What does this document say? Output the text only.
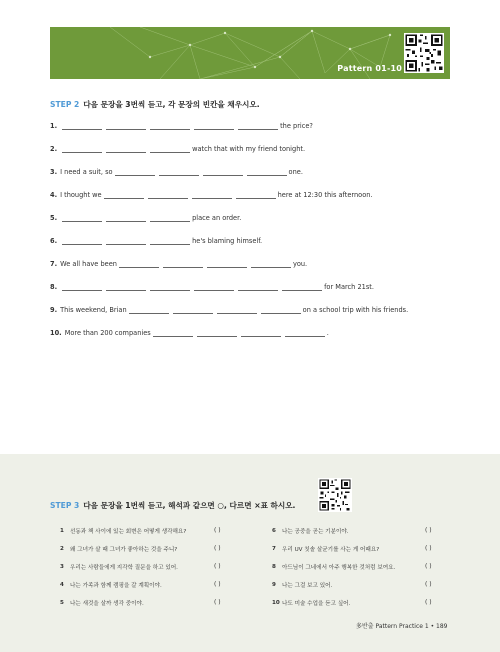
Pattern 01-10
STEP 2 다음 문장을 3번씩 듣고, 각 문장의 빈칸을 채우시오.
1.	the price?
2.	watch that with my friend tonight.
3. I need a suit, so	one.
4. I thought we	here at 12:30 this afternoon.
5.	place an order.
6.	he's blaming himself.
7. We all have been	you.
8.	for March 21st.
9. This weekend, Brian	on a school trip with his friends.
10. More than 200 companies	.
STEP 3 다음 문장을 1번씩 듣고, 해석과 같으면 ○, 다르면 ×표 하시오.
1	선동과 책 사이에 있는 회변은 어떻게 생각해요?	( )
2	왜 그녀가 살 때 그녀가 좋아하는 것을 주니?	( )
3	우리는 사람들에게 지각학 질문을 하고 있어.	( )
4	나는 가족과 함께 캠핑을 갈 계획이야.	( )
5	나는 새것을 살까 생각 중이야.	( )
6	나는 공중을 곧는 기분이야.	( )
7	우리 UV 칫솔 살균기를 사는 게 어때요?	( )
8	아드님이 그네에서 아주 행복한 것처럼 보여요.	( )
9	나는 그걸 보고 있어.	( )
10 나도 미술 수업을 듣고 싶어.	( )
多반출 Pattern Practice 1 • 189
